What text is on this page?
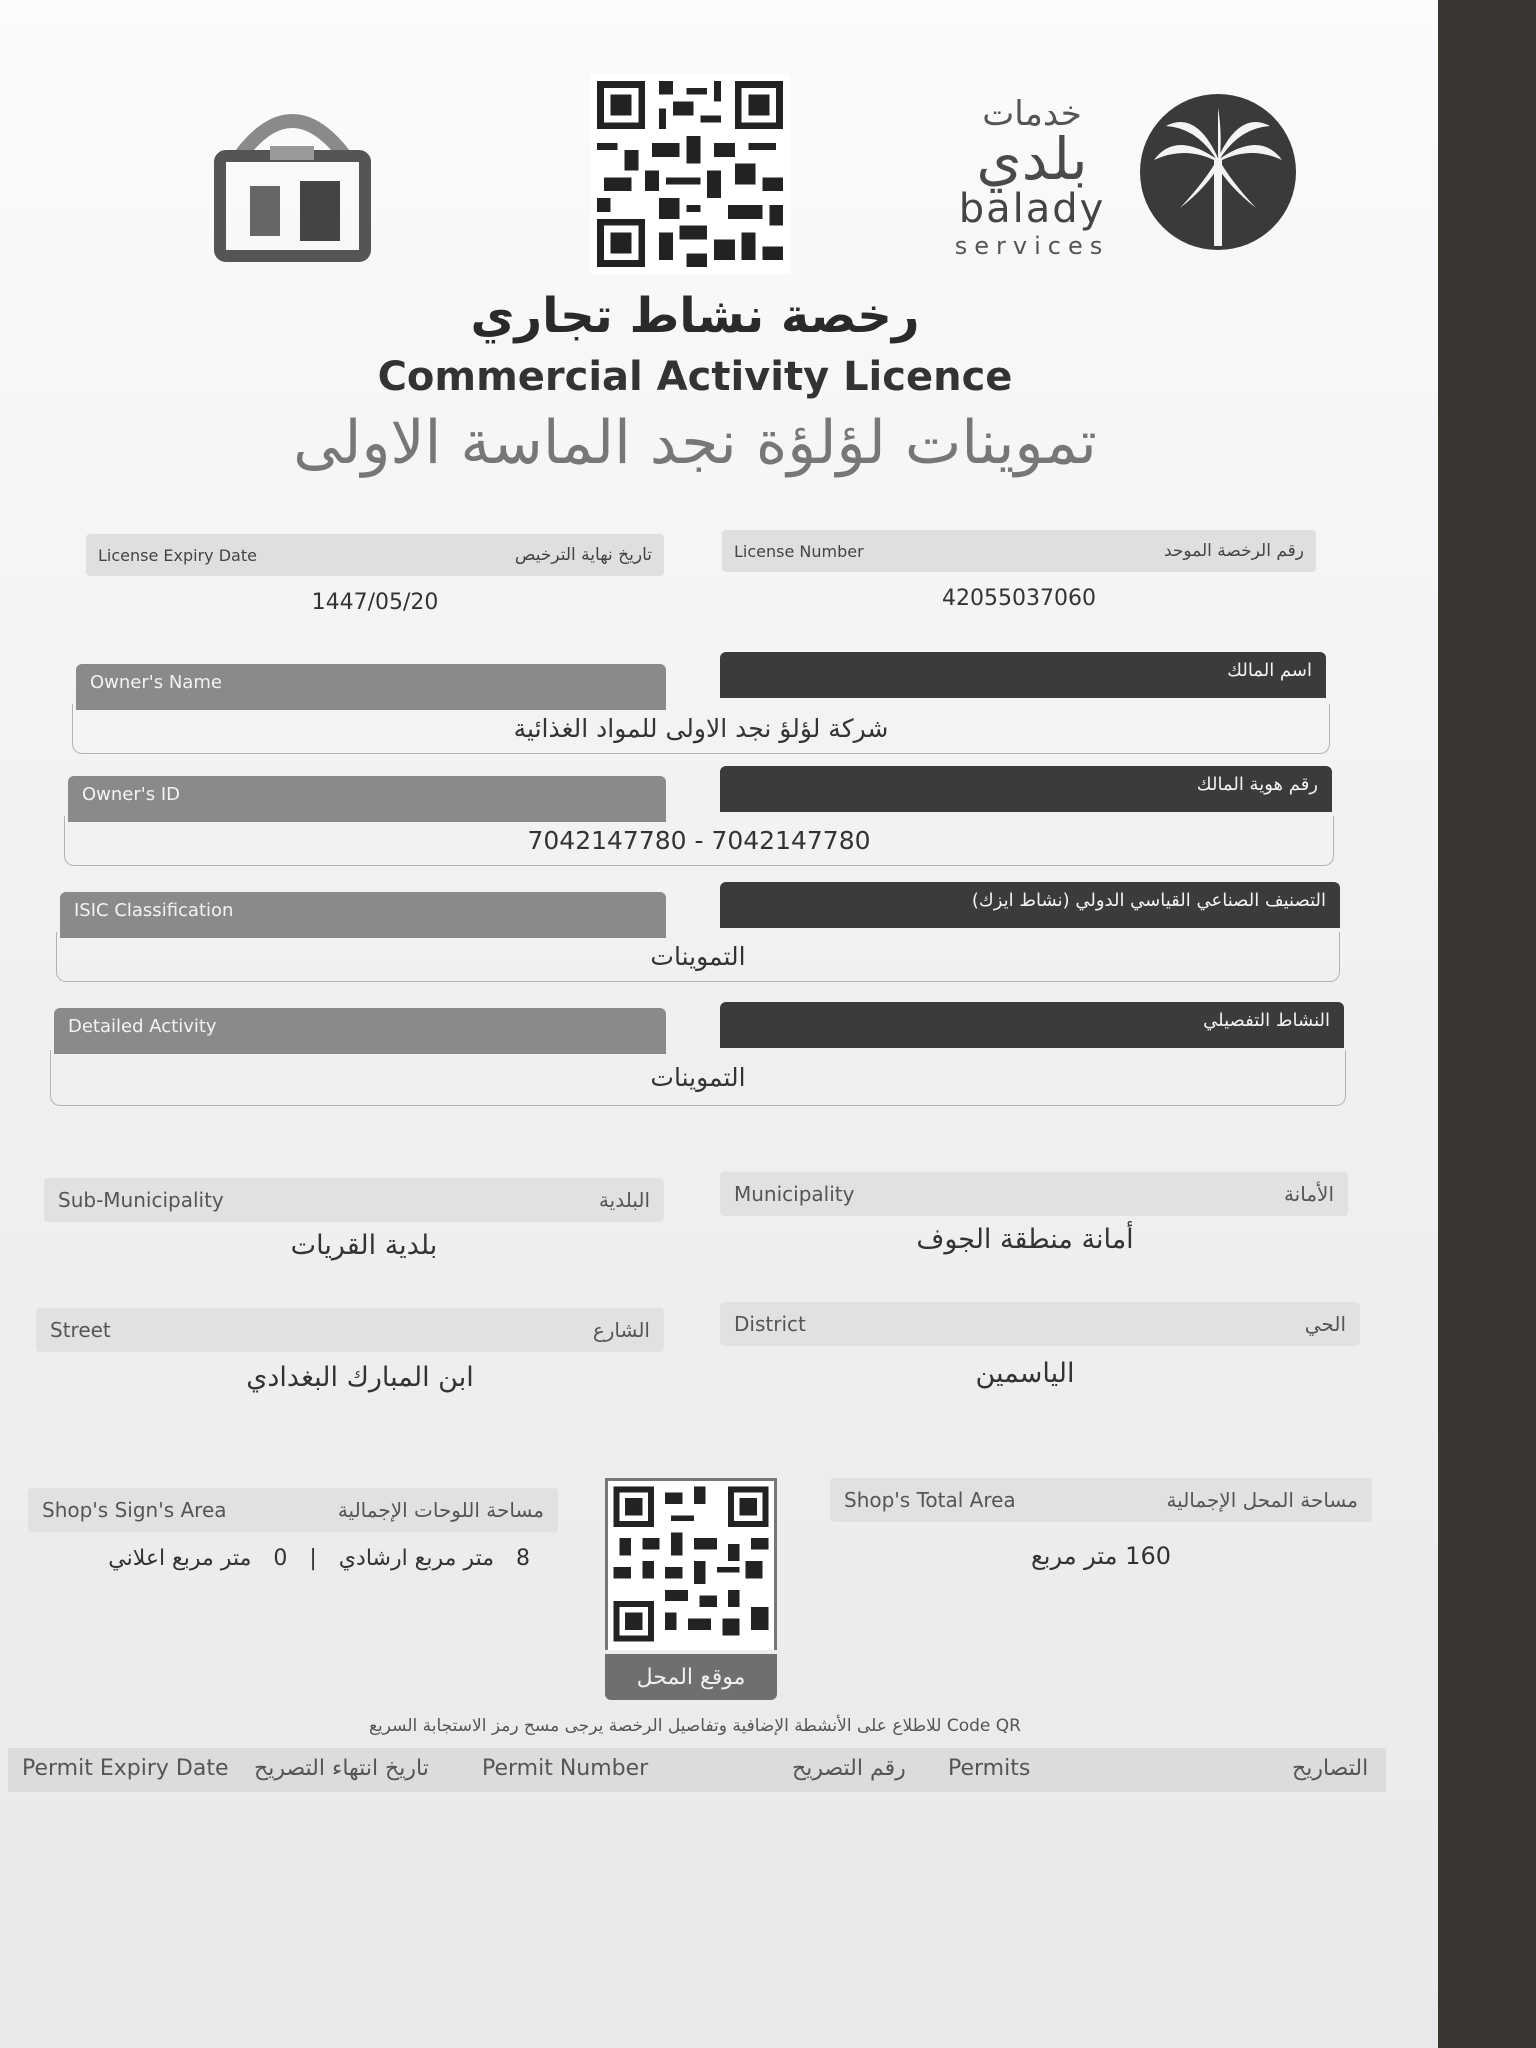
خدمات
بلدي
balady
services
رخصة نشاط تجاري
Commercial Activity Licence
تموينات لؤلؤة نجد الماسة الاولى
License Expiry Date	تاريخ نهاية الترخيص
1447/05/20
License Number	رقم الرخصة الموحد
42055037060
Owner's Name
اسم المالك
شركة لؤلؤ نجد الاولى للمواد الغذائية
Owner's ID	رقم هوية المالك
7042147780 - 7042147780
ISIC Classification	التصنيف الصناعي القياسي الدولي (نشاط ايزك)
التموينات
Detailed Activity	النشاط التفصيلي
التموينات
Sub-Municipality	البلدية
بلدية القريات
Municipality	الأمانة
أمانة منطقة الجوف
Street	الشارع
ابن المبارك البغدادي
District	الحي
الياسمين
Shop's Sign's Area	مساحة اللوحات الإجمالية
8
متر مربع ارشادي
|
0
متر مربع اعلاني
موقع المحل
Shop's Total Area	مساحة المحل الإجمالية
160 متر مربع
للاطلاع على الأنشطة الإضافية وتفاصيل الرخصة يرجى مسح رمز الاستجابة السريع Code QR
Permit Expiry Date تاريخ انتهاء التصريح Permit Number	رقم التصريح Permits	التصاريح
